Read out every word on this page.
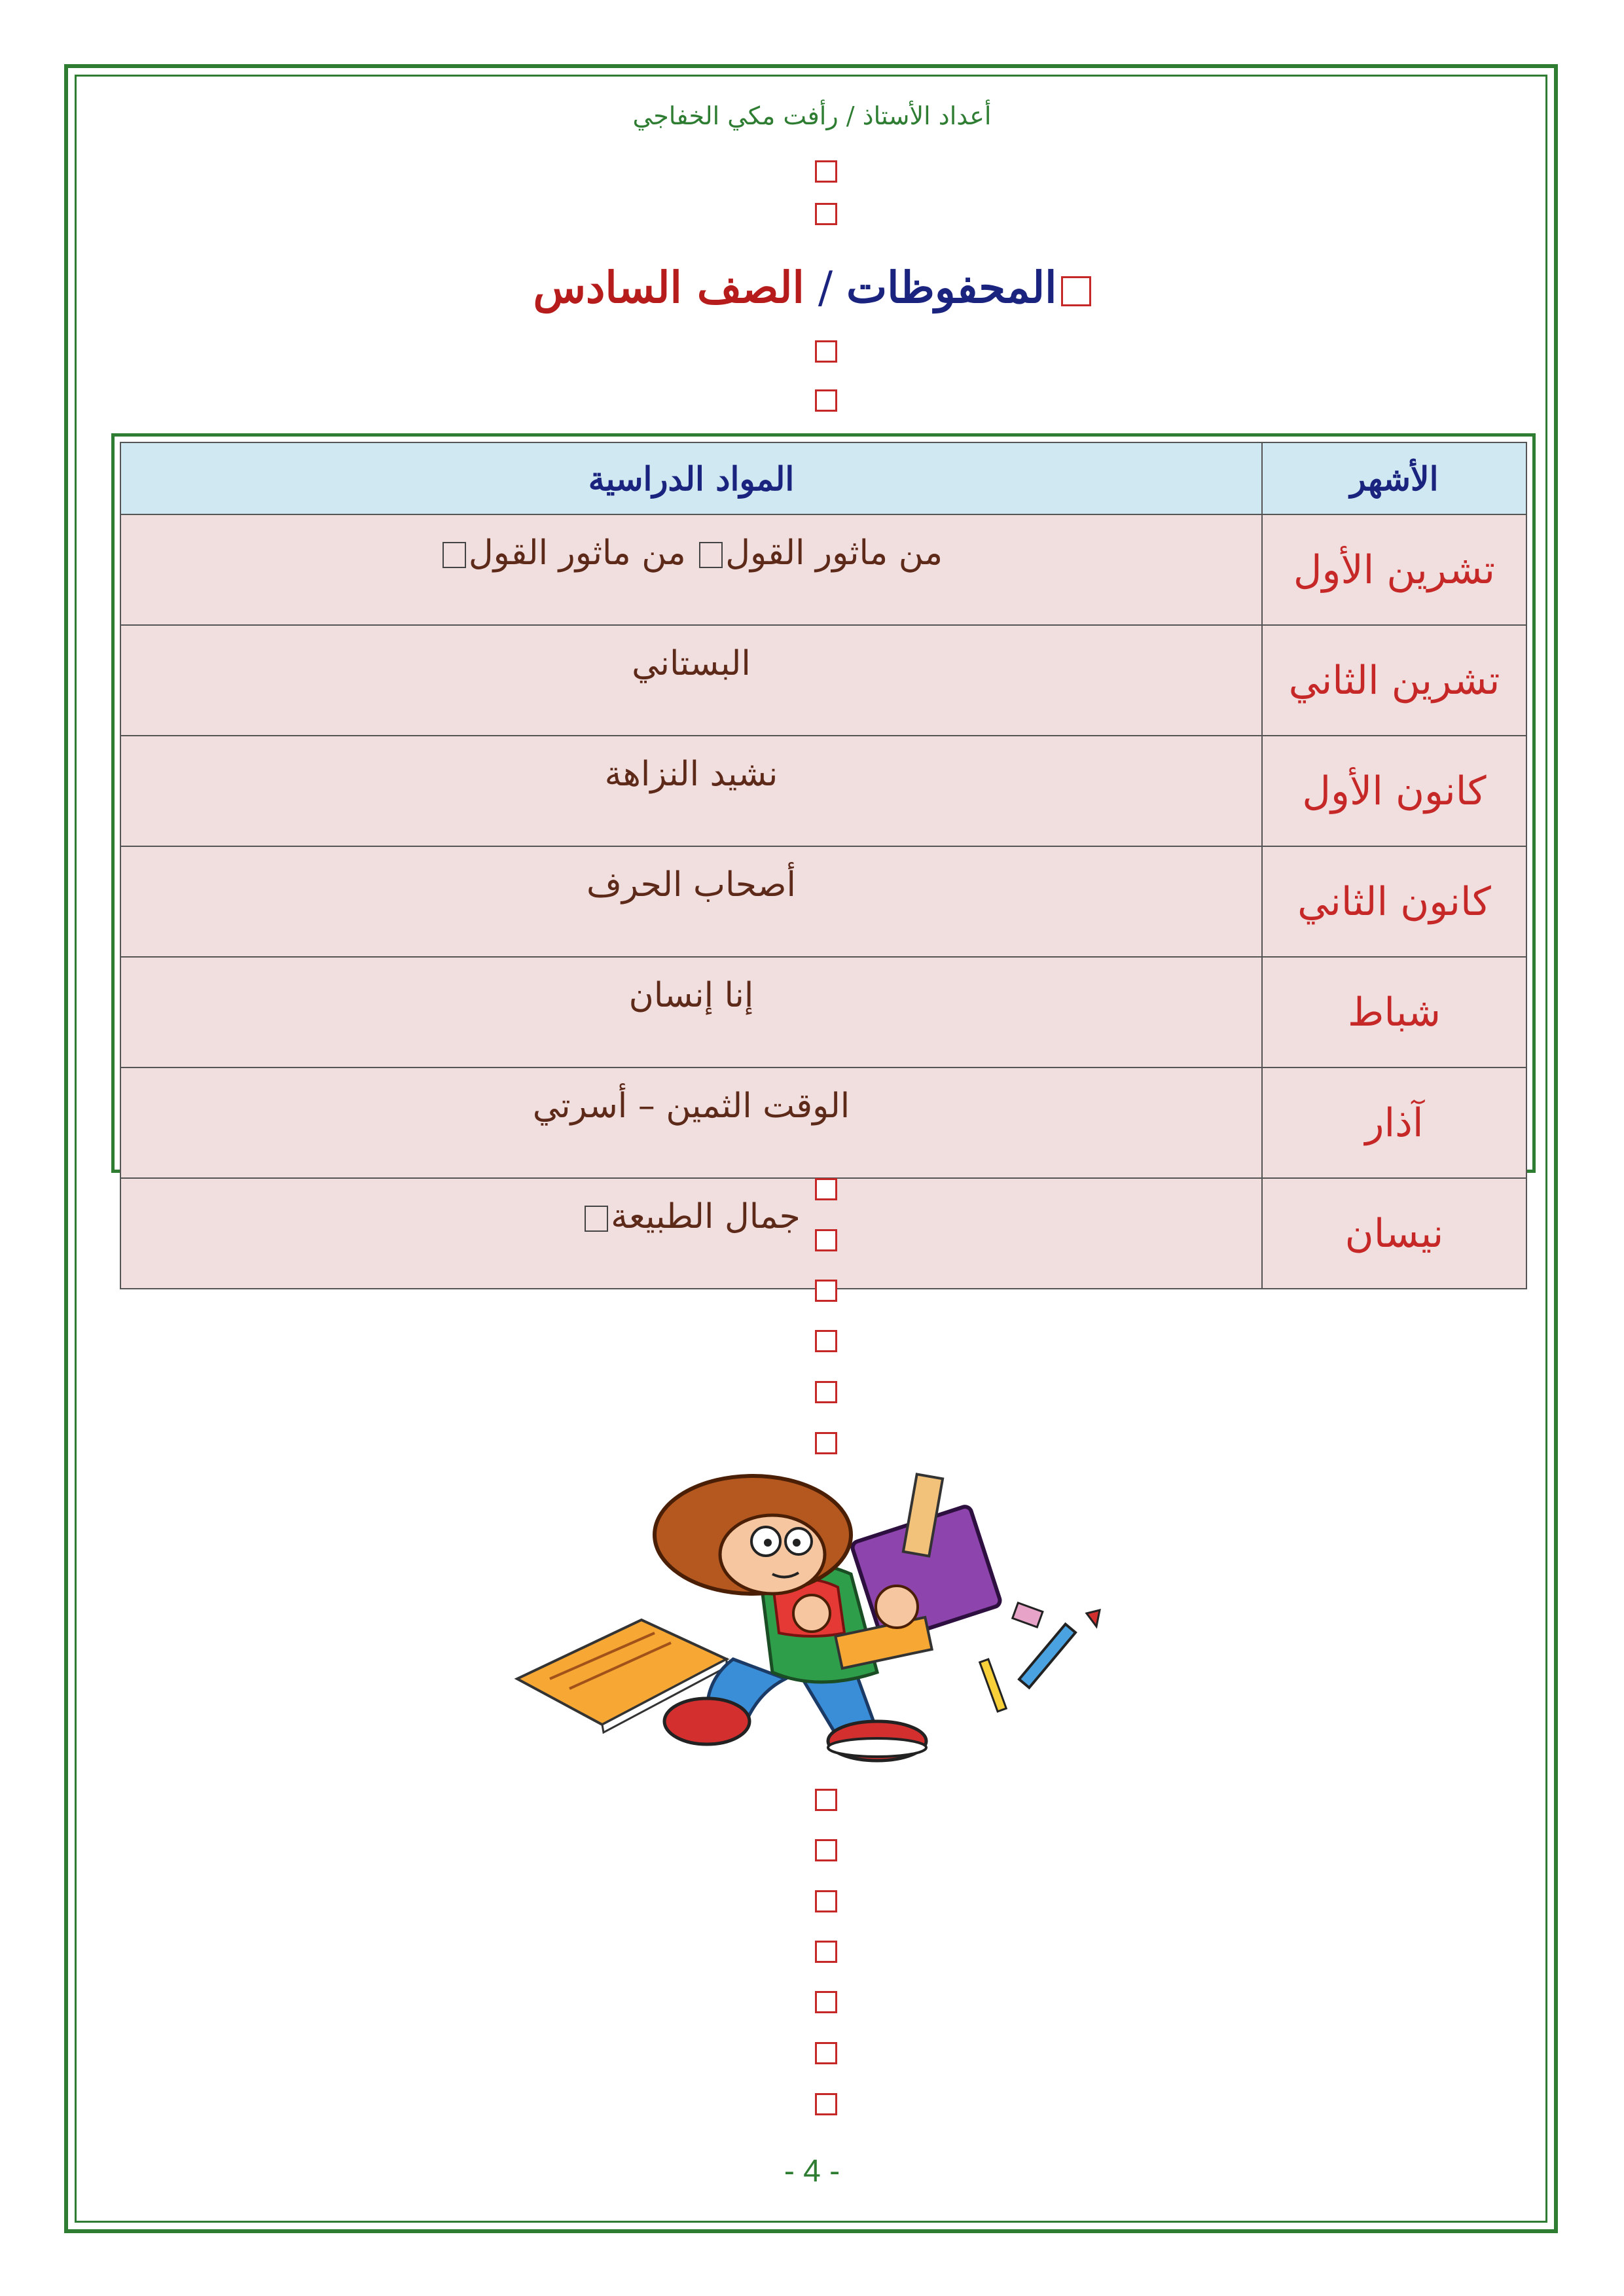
أعداد الأستاذ / رأفت مكي الخفاجي
المحفوظات / الصف السادس
الأشهر	المواد الدراسية
تشرين الأول	من ماثور القول من ماثور القول
تشرين الثاني	البستاني
كانون الأول	نشيد النزاهة
كانون الثاني	أصحاب الحرف
شباط	إنا إنسان
آذار	الوقت الثمين – أسرتي
نيسان	جمال الطبيعة
- 4 -
